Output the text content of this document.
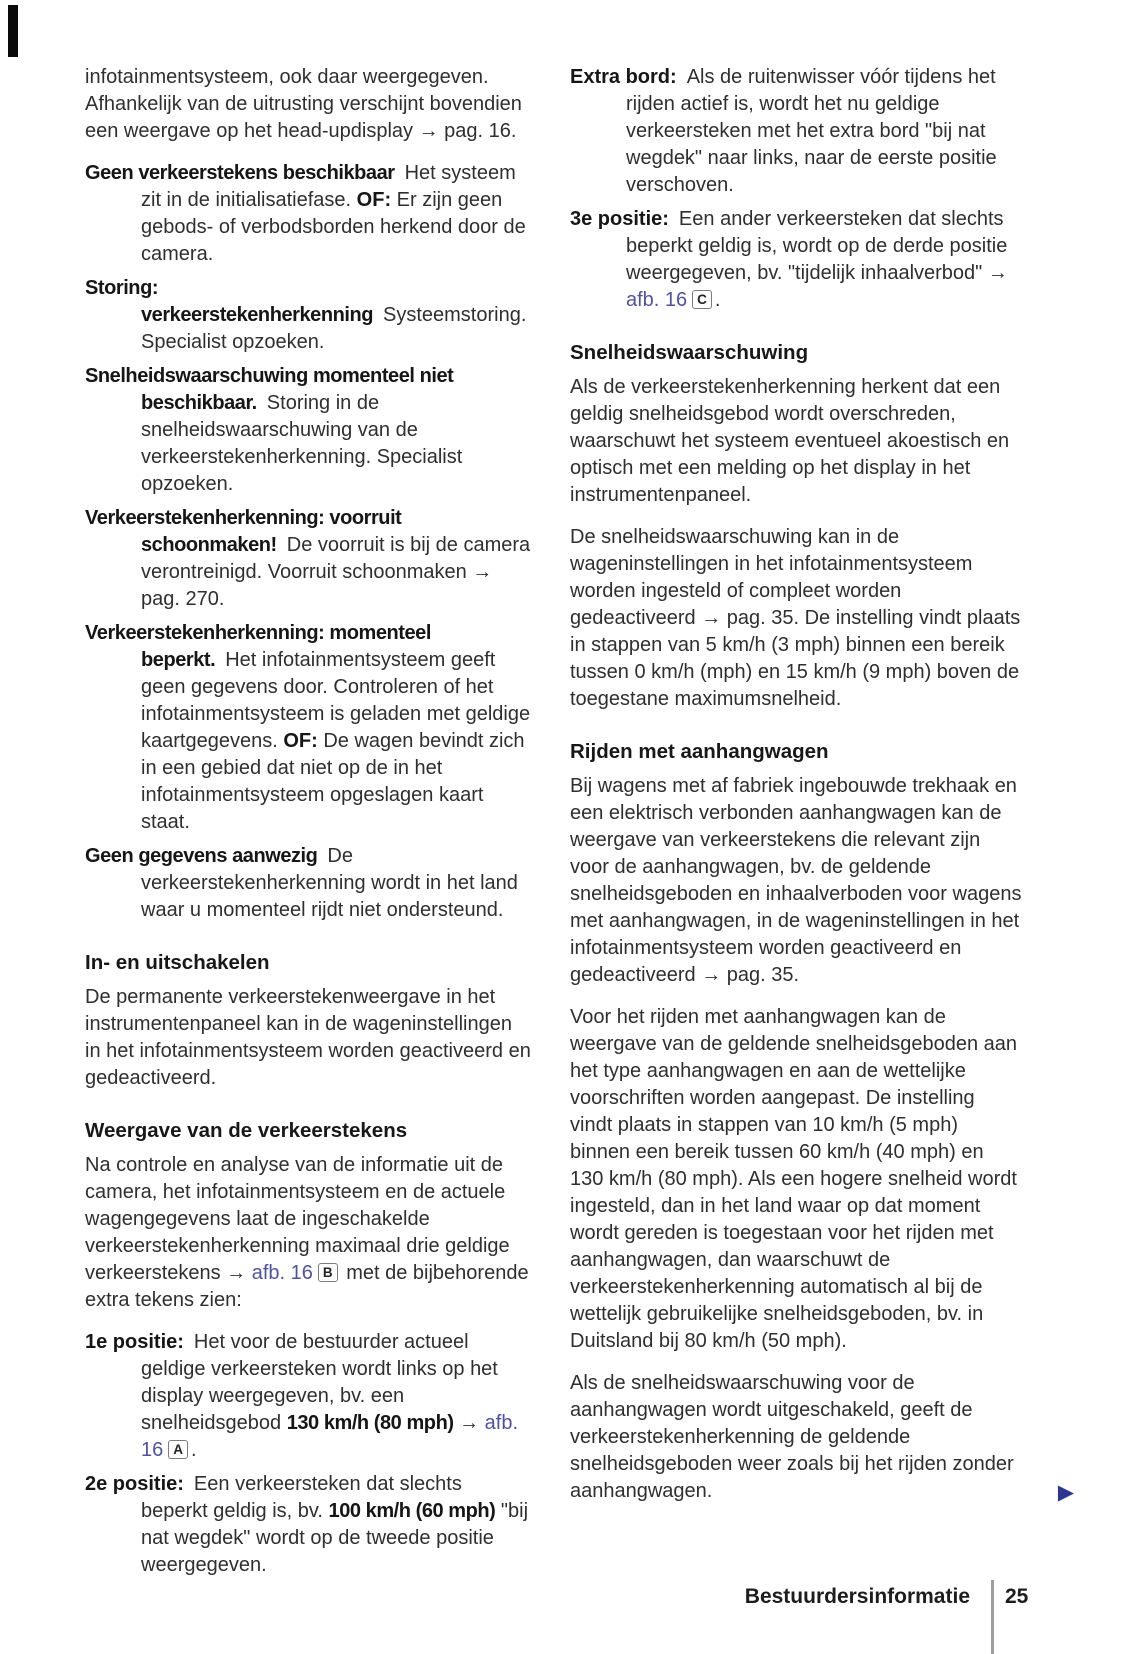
infotainmentsysteem, ook daar weergegeven. Afhankelijk van de uitrusting verschijnt bovendien een weergave op het head-updisplay → pag. 16.

Geen verkeerstekens beschikbaar Het systeem zit in de initialisatiefase. OF: Er zijn geen gebods- of verbodsborden herkend door de camera.

Storing: verkeerstekenherkenning Systeemstoring. Specialist opzoeken.

Snelheidswaarschuwing momenteel niet beschikbaar. Storing in de snelheidswaarschuwing van de verkeerstekenherkenning. Specialist opzoeken.

Verkeerstekenherkenning: voorruit schoonmaken! De voorruit is bij de camera verontreinigd. Voorruit schoonmaken → pag. 270.

Verkeerstekenherkenning: momenteel beperkt. Het infotainmentsysteem geeft geen gegevens door. Controleren of het infotainmentsysteem is geladen met geldige kaartgegevens. OF: De wagen bevindt zich in een gebied dat niet op de in het infotainmentsysteem opgeslagen kaart staat.

Geen gegevens aanwezig De verkeerstekenherkenning wordt in het land waar u momenteel rijdt niet ondersteund.

In- en uitschakelen

De permanente verkeerstekenweergave in het instrumentenpaneel kan in de wageninstellingen in het infotainmentsysteem worden geactiveerd en gedeactiveerd.

Weergave van de verkeerstekens

Na controle en analyse van de informatie uit de camera, het infotainmentsysteem en de actuele wagengegevens laat de ingeschakelde verkeerstekenherkenning maximaal drie geldige verkeerstekens → afb. 16 B met de bijbehorende extra tekens zien:

1e positie: Het voor de bestuurder actueel geldige verkeersteken wordt links op het display weergegeven, bv. een snelheidsgebod 130 km/h (80 mph) → afb. 16 A .

2e positie: Een verkeersteken dat slechts beperkt geldig is, bv. 100 km/h (60 mph) "bij nat wegdek" wordt op de tweede positie weergegeven.

Extra bord: Als de ruitenwisser vóór tijdens het rijden actief is, wordt het nu geldige verkeersteken met het extra bord "bij nat wegdek" naar links, naar de eerste positie verschoven.

3e positie: Een ander verkeersteken dat slechts beperkt geldig is, wordt op de derde positie weergegeven, bv. "tijdelijk inhaalverbod" → afb. 16 C .

Snelheidswaarschuwing

Als de verkeerstekenherkenning herkent dat een geldig snelheidsgebod wordt overschreden, waarschuwt het systeem eventueel akoestisch en optisch met een melding op het display in het instrumentenpaneel.

De snelheidswaarschuwing kan in de wageninstellingen in het infotainmentsysteem worden ingesteld of compleet worden gedeactiveerd → pag. 35. De instelling vindt plaats in stappen van 5 km/h (3 mph) binnen een bereik tussen 0 km/h (mph) en 15 km/h (9 mph) boven de toegestane maximumsnelheid.

Rijden met aanhangwagen

Bij wagens met af fabriek ingebouwde trekhaak en een elektrisch verbonden aanhangwagen kan de weergave van verkeerstekens die relevant zijn voor de aanhangwagen, bv. de geldende snelheidsgeboden en inhaalverboden voor wagens met aanhangwagen, in de wageninstellingen in het infotainmentsysteem worden geactiveerd en gedeactiveerd → pag. 35.

Voor het rijden met aanhangwagen kan de weergave van de geldende snelheidsgeboden aan het type aanhangwagen en aan de wettelijke voorschriften worden aangepast. De instelling vindt plaats in stappen van 10 km/h (5 mph) binnen een bereik tussen 60 km/h (40 mph) en 130 km/h (80 mph). Als een hogere snelheid wordt ingesteld, dan in het land waar op dat moment wordt gereden is toegestaan voor het rijden met aanhangwagen, dan waarschuwt de verkeerstekenherkenning automatisch al bij de wettelijk gebruikelijke snelheidsgeboden, bv. in Duitsland bij 80 km/h (50 mph).

Als de snelheidswaarschuwing voor de aanhangwagen wordt uitgeschakeld, geeft de verkeerstekenherkenning de geldende snelheidsgeboden weer zoals bij het rijden zonder aanhangwagen.	▶

Bestuurdersinformatie 25
